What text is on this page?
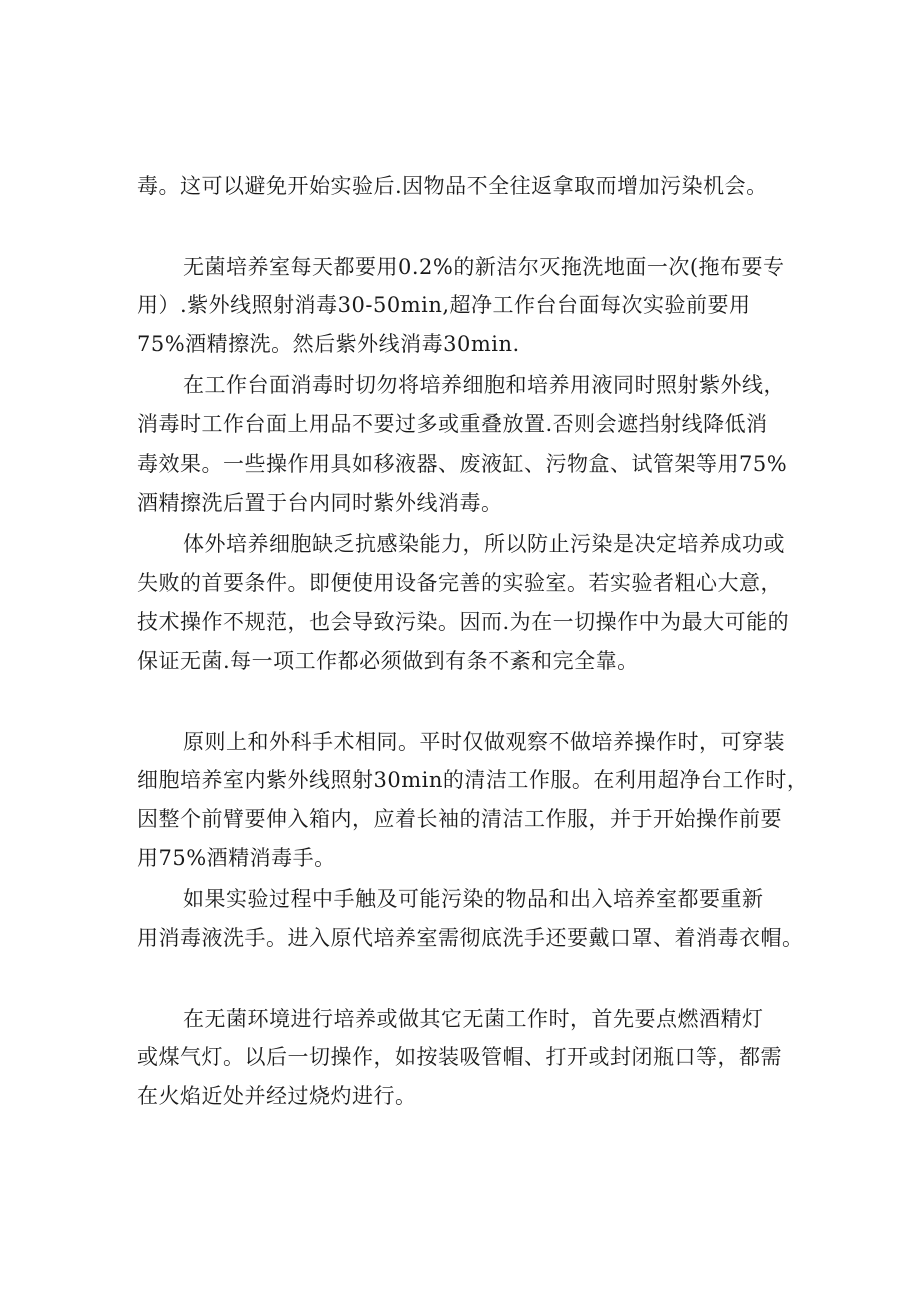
毒。这可以避免开始实验后.因物品不全往返拿取而增加污染机会。
无菌培养室每天都要用0.2%的新洁尔灭拖洗地面一次(拖布要专
用）.紫外线照射消毒30-50min,超净工作台台面每次实验前要用
75%酒精擦洗。然后紫外线消毒30min.
在工作台面消毒时切勿将培养细胞和培养用液同时照射紫外线，
消毒时工作台面上用品不要过多或重叠放置.否则会遮挡射线降低消
毒效果。一些操作用具如移液器、废液缸、污物盒、试管架等用75%
酒精擦洗后置于台内同时紫外线消毒。
体外培养细胞缺乏抗感染能力，所以防止污染是决定培养成功或
失败的首要条件。即便使用设备完善的实验室。若实验者粗心大意，
技术操作不规范，也会导致污染。因而.为在一切操作中为最大可能的
保证无菌.每一项工作都必须做到有条不紊和完全靠。
原则上和外科手术相同。平时仅做观察不做培养操作时，可穿装
细胞培养室内紫外线照射30min的清洁工作服。在利用超净台工作时，
因整个前臂要伸入箱内，应着长袖的清洁工作服，并于开始操作前要
用75%酒精消毒手。
如果实验过程中手触及可能污染的物品和出入培养室都要重新
用消毒液洗手。进入原代培养室需彻底洗手还要戴口罩、着消毒衣帽。
在无菌环境进行培养或做其它无菌工作时，首先要点燃酒精灯
或煤气灯。以后一切操作，如按装吸管帽、打开或封闭瓶口等，都需
在火焰近处并经过烧灼进行。
